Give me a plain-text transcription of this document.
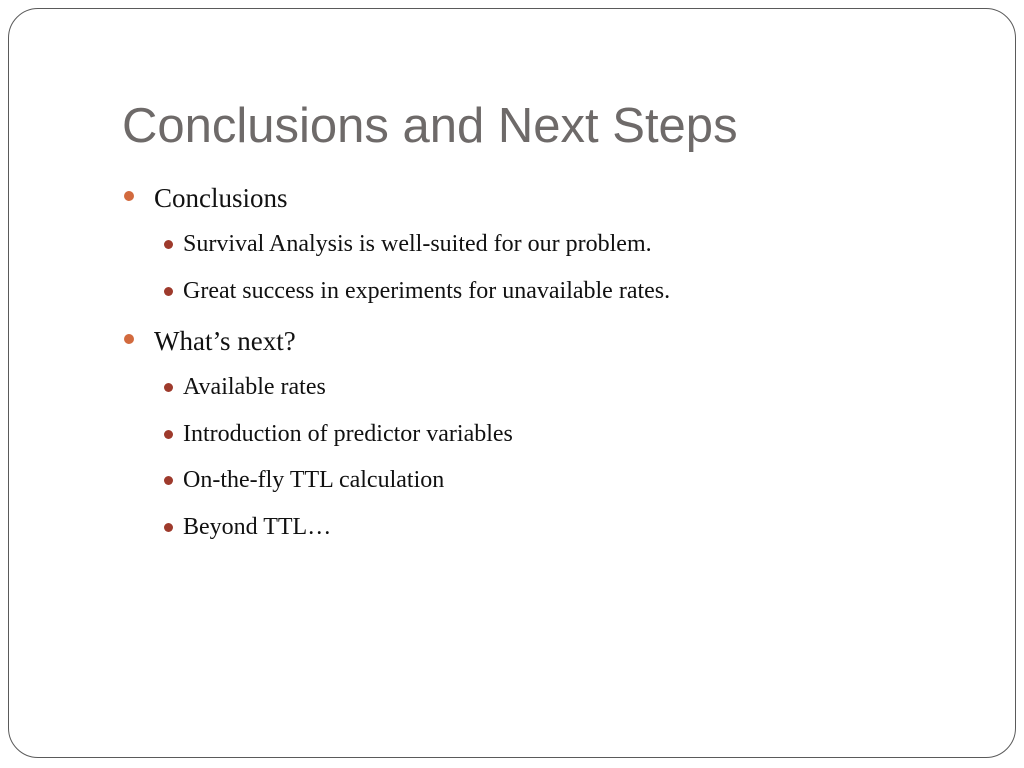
Conclusions and Next Steps
Conclusions
Survival Analysis is well-suited for our problem.
Great success in experiments for unavailable rates.
What’s next?
Available rates
Introduction of predictor variables
On-the-fly TTL calculation
Beyond TTL…
